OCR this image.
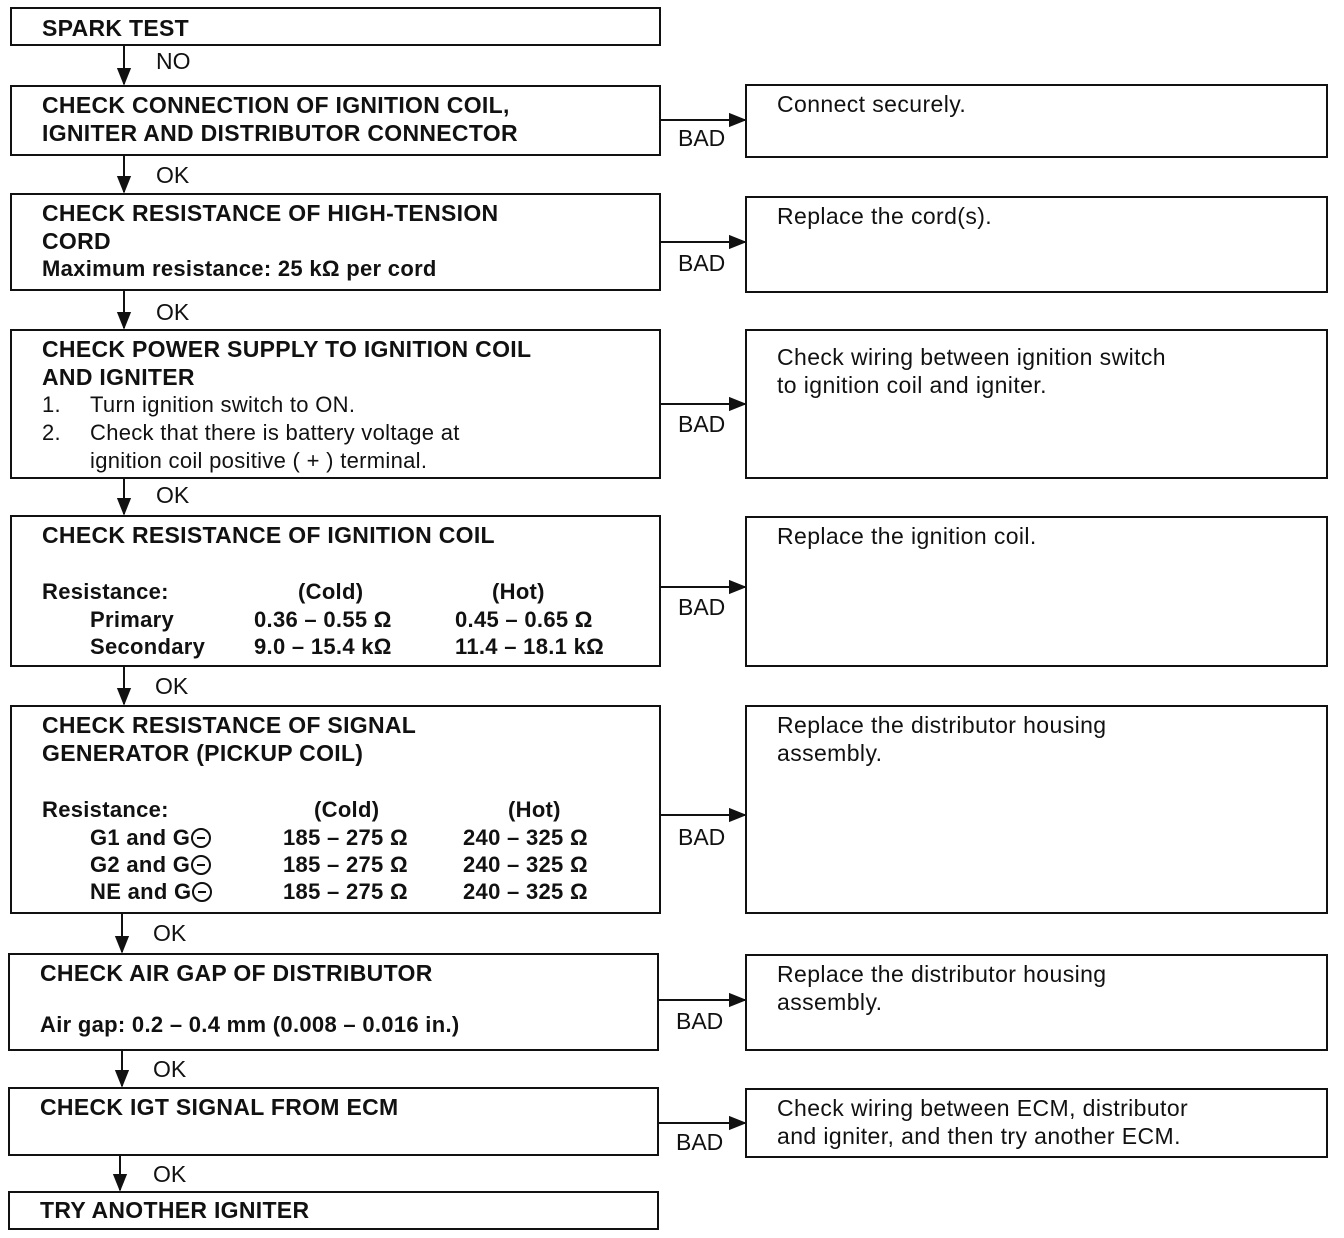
SPARK TEST
NO
CHECK CONNECTION OF IGNITION COIL,
IGNITER AND DISTRIBUTOR CONNECTOR	BAD
Connect securely.
OK
CHECK RESISTANCE OF HIGH-TENSION
CORD
Maximum resistance: 25 kΩ per cord	BAD
Replace the cord(s).
OK
CHECK POWER SUPPLY TO IGNITION COIL
AND IGNITER
1. Turn ignition switch to ON.
2. Check that there is battery voltage at
ignition coil positive ( + ) terminal.
BAD
Check wiring between ignition switch
to ignition coil and igniter.
OK
CHECK RESISTANCE OF IGNITION COIL
Resistance:	(Cold)	(Hot)
Primary	0.36 – 0.55 Ω	0.45 – 0.65 Ω
Secondary 9.0 – 15.4 kΩ	11.4 – 18.1 kΩ
BAD
Replace the ignition coil.
OK
CHECK RESISTANCE OF SIGNAL
GENERATOR (PICKUP COIL)
Resistance:	(Cold)	(Hot)
G1 and G	185 – 275 Ω	240 – 325 Ω
G2 and G	185 – 275 Ω	240 – 325 Ω
NE and G	185 – 275 Ω	240 – 325 Ω
BAD
Replace the distributor housing
assembly.
OK
CHECK AIR GAP OF DISTRIBUTOR
Air gap: 0.2 – 0.4 mm (0.008 – 0.016 in.)	BAD
Replace the distributor housing
assembly.
OK
CHECK IGT SIGNAL FROM ECM
BAD
Check wiring between ECM, distributor
and igniter, and then try another ECM.
OK
TRY ANOTHER IGNITER
